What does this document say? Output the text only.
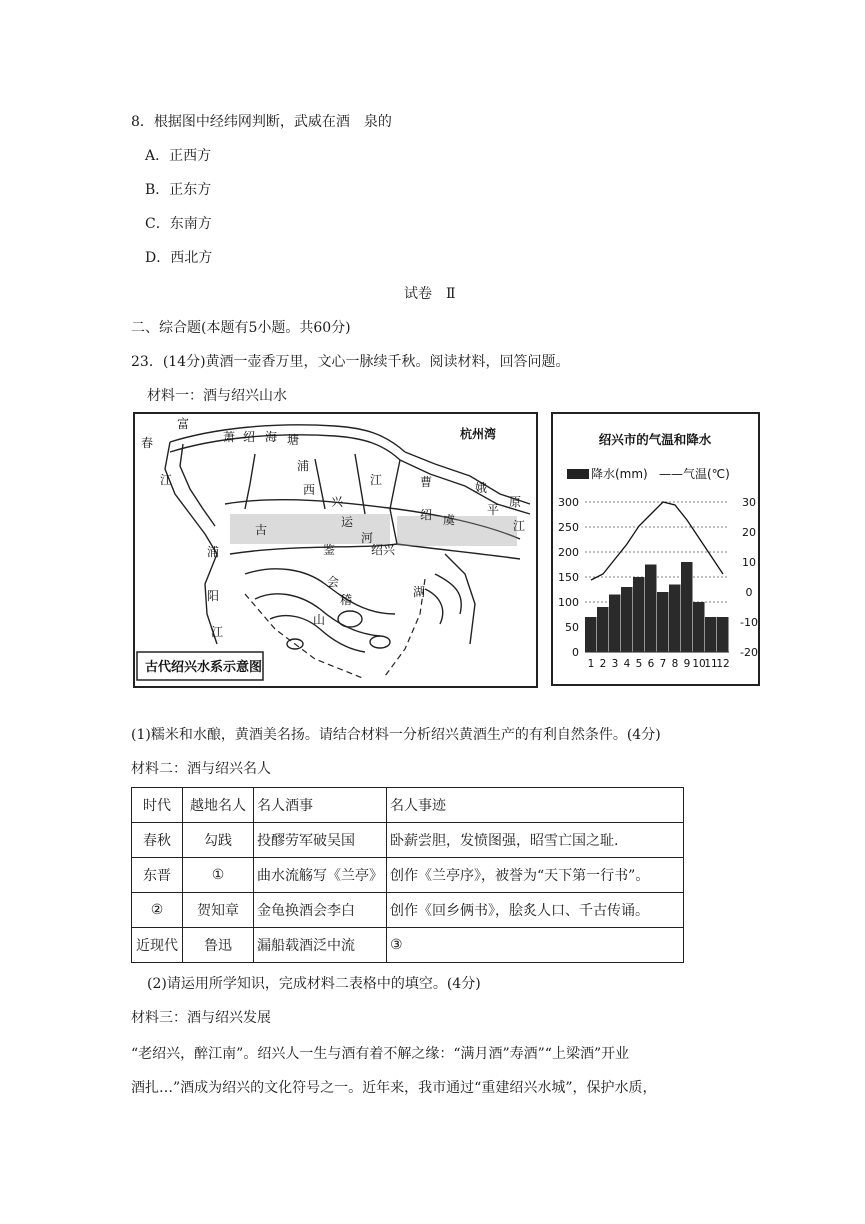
8．根据图中经纬网判断，武威在酒　泉的
A．正西方
B．正东方
C．东南方
D．西北方
试卷　Ⅱ
二、综合题(本题有5小题。共60分)
23．(14分)黄酒一壶香万里，文心一脉续千秋。阅读材料，回答问题。
材料一：酒与绍兴山水
富
春
江
萧 绍 海 塘	杭州湾
浦
阳
江
浦
西
兴
运
河
江
古
鉴
湖
绍兴
曹	娥
平
原
江
绍 虞
会
稽
山
古代绍兴水系示意图
绍兴市的气温和降水
降水(mm) ——气温(℃)
0
50
100
150
200
250
300
-20
-10
0
10
20
30
1 2 3 4 5 6 7 8 9 10
11
12
(1)糯米和水酿，黄酒美名扬。请结合材料一分析绍兴黄酒生产的有利自然条件。(4分)
材料二：酒与绍兴名人
时代	越地名人	名人酒事	名人事迹
春秋	勾践	投醪劳军破吴国	卧薪尝胆，发愤图强，昭雪亡国之耻.
东晋	①	曲水流觞写《兰亭》	创作《兰亭序》，被誉为“天下第一行书”。
②	贺知章	金龟换酒会李白	创作《回乡俩书》，脍炙人口、千古传诵。
近现代	鲁迅	漏船载酒泛中流	③
(2)请运用所学知识，完成材料二表格中的填空。(4分)
材料三：酒与绍兴发展
“老绍兴，醉江南”。绍兴人一生与酒有着不解之缘：“满月酒”寿酒”“上梁酒”开业
酒扎…”酒成为绍兴的文化符号之一。近年来，我市通过“重建绍兴水城”，保护水质，
